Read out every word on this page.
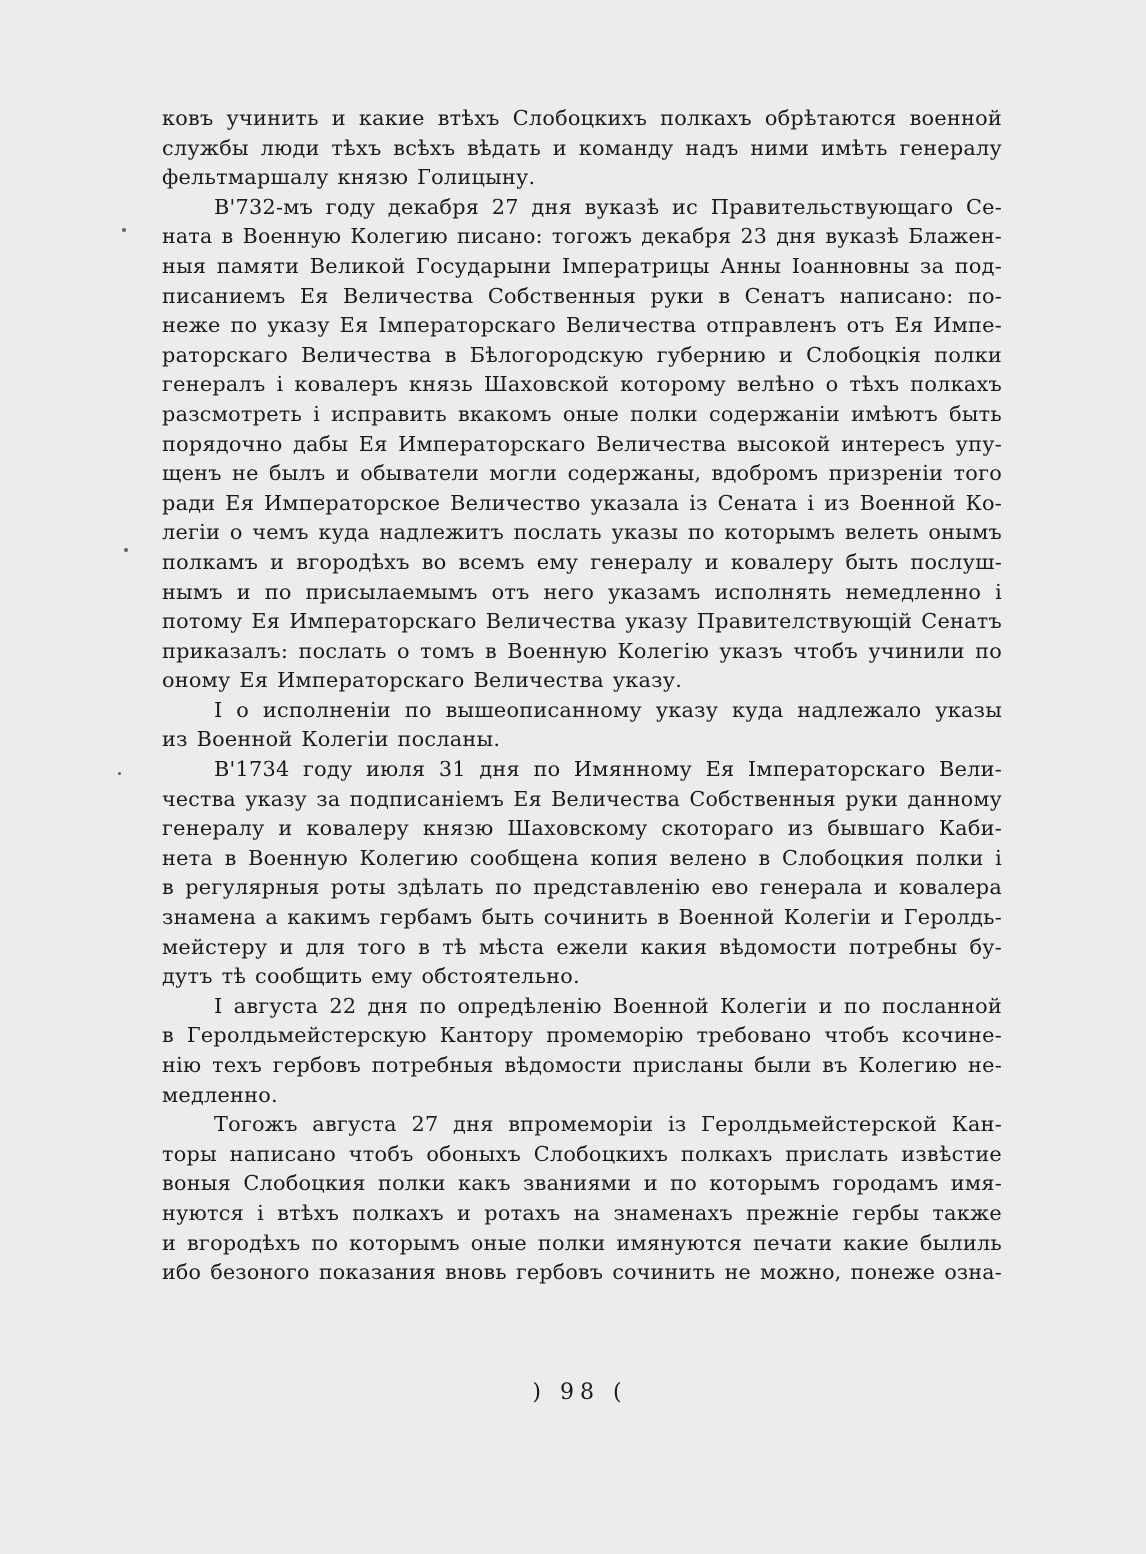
ковъ учинить и какие втѣхъ Слобоцкихъ полкахъ обрѣтаются военной
службы люди тѣхъ всѣхъ вѣдать и команду надъ ними имѣть генералу
фельтмаршалу князю Голицыну.
В'732-мъ году декабря 27 дня вуказѣ ис Правительствующаго Се-
ната в Военную Колегию писано: тогожъ декабря 23 дня вуказѣ Блажен-
ныя памяти Великой Государыни Імператрицы Анны Іоанновны за под-
писаниемъ Ея Величества Собственныя руки в Сенатъ написано: по-
неже по указу Ея Імператорскаго Величества отправленъ отъ Ея Импе-
раторскаго Величества в Бѣлогородскую губернию и Слобоцкія полки
генералъ і ковалеръ князь Шаховской которому велѣно о тѣхъ полкахъ
разсмотреть і исправить вкакомъ оные полки содержаніи имѣютъ быть
порядочно дабы Ея Императорскаго Величества высокой интересъ упу-
щенъ не былъ и обыватели могли содержаны, вдобромъ призреніи того
ради Ея Императорское Величество указала із Сената і из Военной Ко-
легіи о чемъ куда надлежитъ послать указы по которымъ велеть онымъ
полкамъ и вгородѣхъ во всемъ ему генералу и ковалеру быть послуш-
нымъ и по присылаемымъ отъ него указамъ исполнять немедленно і
потому Ея Императорскаго Величества указу Правителствующій Сенатъ
приказалъ: послать о томъ в Военную Колегію указъ чтобъ учинили по
оному Ея Императорскаго Величества указу.
І о исполненіи по вышеописанному указу куда надлежало указы
из Военной Колегіи посланы.
В'1734 году июля 31 дня по Имянному Ея Імператорскаго Вели-
чества указу за подписаніемъ Ея Величества Собственныя руки данному
генералу и ковалеру князю Шаховскому скотораго из бывшаго Каби-
нета в Военную Колегию сообщена копия велено в Слобоцкия полки і
в регулярныя роты здѣлать по представленію ево генерала и ковалера
знамена а какимъ гербамъ быть сочинить в Военной Колегіи и Геролдь-
мейстеру и для того в тѣ мѣста ежели какия вѣдомости потребны бу-
дутъ тѣ сообщить ему обстоятельно.
І августа 22 дня по опредѣленію Военной Колегіи и по посланной
в Геролдьмейстерскую Кантору промеморію требовано чтобъ ксочине-
нію техъ гербовъ потребныя вѣдомости присланы были въ Колегию не-
медленно.
Тогожъ августа 27 дня впромеморіи із Геролдьмейстерской Кан-
торы написано чтобъ обоныхъ Слобоцкихъ полкахъ прислать извѣстие
воныя Слобоцкия полки какъ званиями и по которымъ городамъ имя-
нуются і втѣхъ полкахъ и ротахъ на знаменахъ прежніе гербы также
и вгородѣхъ по которымъ оные полки имянуются печати какие былиль
ибо безоного показания вновь гербовъ сочинить не можно, понеже озна-
) 98 (
